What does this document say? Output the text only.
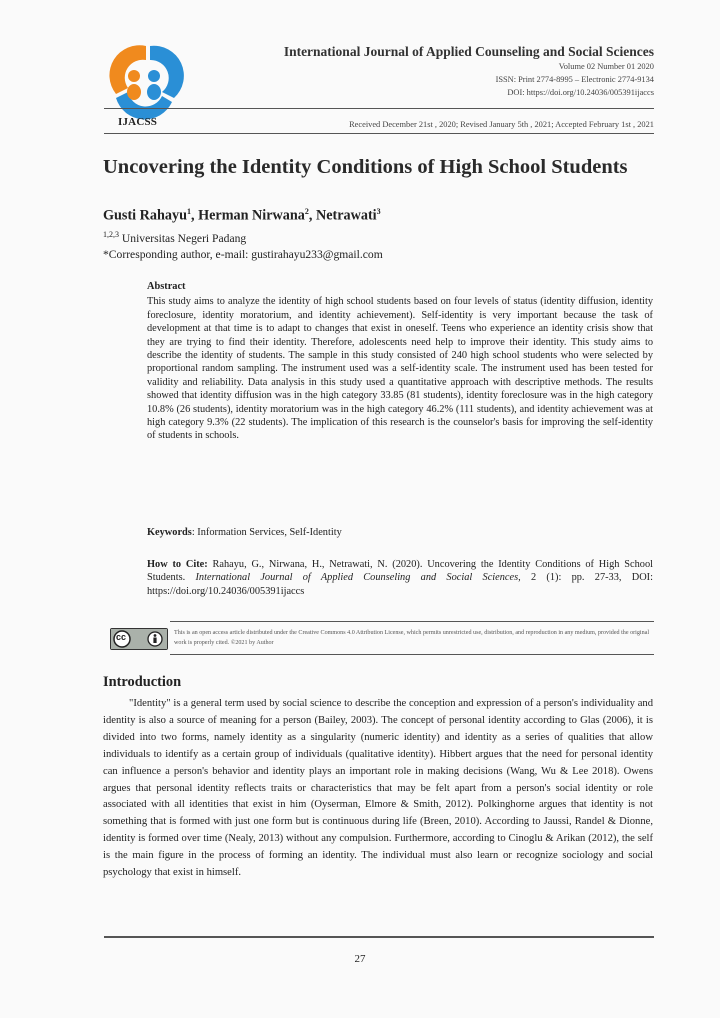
IJACSS
International Journal of Applied Counseling and Social Sciences
Volume 02 Number 01 2020
ISSN: Print 2774-8995 – Electronic 2774-9134
DOI: https://doi.org/10.24036/005391ijaccs
Received December 21st , 2020; Revised January 5th , 2021; Accepted February 1st , 2021
Uncovering the Identity Conditions of High School Students
Gusti Rahayu$^1$, Herman Nirwana$^2$, Netrawati$^3$
$^{1,2,3}$ Universitas Negeri Padang
*Corresponding author, e-mail: gustirahayu233@gmail.com
Abstract
This study aims to analyze the identity of high school students based on four levels of status (identity diffusion, identity foreclosure, identity moratorium, and identity achievement). Self-identity is very important because the task of development at that time is to adapt to changes that exist in oneself. Teens who experience an identity crisis show that they are trying to find their identity. Therefore, adolescents need help to improve their identity. This study aims to describe the identity of students. The sample in this study consisted of 240 high school students who were selected by proportional random sampling. The instrument used was a self-identity scale. The instrument used has been tested for validity and reliability. Data analysis in this study used a quantitative approach with descriptive methods. The results showed that identity diffusion was in the high category 33.85 (81 students), identity foreclosure was in the high category 10.8% (26 students), identity moratorium was in the high category 46.2% (111 students), and identity achievement was at high category 9.3% (22 students). The implication of this research is the counselor's basis for improving the self-identity of students in schools.
Keywords: Information Services, Self-Identity
How to Cite: Rahayu, G., Nirwana, H., Netrawati, N. (2020). Uncovering the Identity Conditions of High School Students. International Journal of Applied Counseling and Social Sciences, 2 (1): pp. 27-33, DOI: https://doi.org/10.24036/005391ijaccs
cc	This is an open access article distributed under the Creative Commons 4.0 Attribution License, which permits unrestricted use, distribution, and reproduction in any medium, provided the original work is properly cited. ©2021 by Author
Introduction
"Identity" is a general term used by social science to describe the conception and expression of a person's individuality and identity is also a source of meaning for a person (Bailey, 2003). The concept of personal identity according to Glas (2006), it is divided into two forms, namely identity as a singularity (numeric identity) and identity as a series of qualities that allow individuals to identify as a certain group of individuals (qualitative identity). Hibbert argues that the need for personal identity can influence a person's behavior and identity plays an important role in making decisions (Wang, Wu & Lee 2018). Owens argues that personal identity reflects traits or characteristics that may be felt apart from a person's social identity or role associated with all identities that exist in him (Oyserman, Elmore & Smith, 2012). Polkinghorne argues that identity is not something that is formed with just one form but is continuous during life (Breen, 2010). According to Jaussi, Randel & Dionne, identity is formed over time (Nealy, 2013) without any compulsion. Furthermore, according to Cinoglu & Arikan (2012), the self is the main figure in the process of forming an identity. The individual must also learn or recognize sociology and social psychology that exist in himself.
27
